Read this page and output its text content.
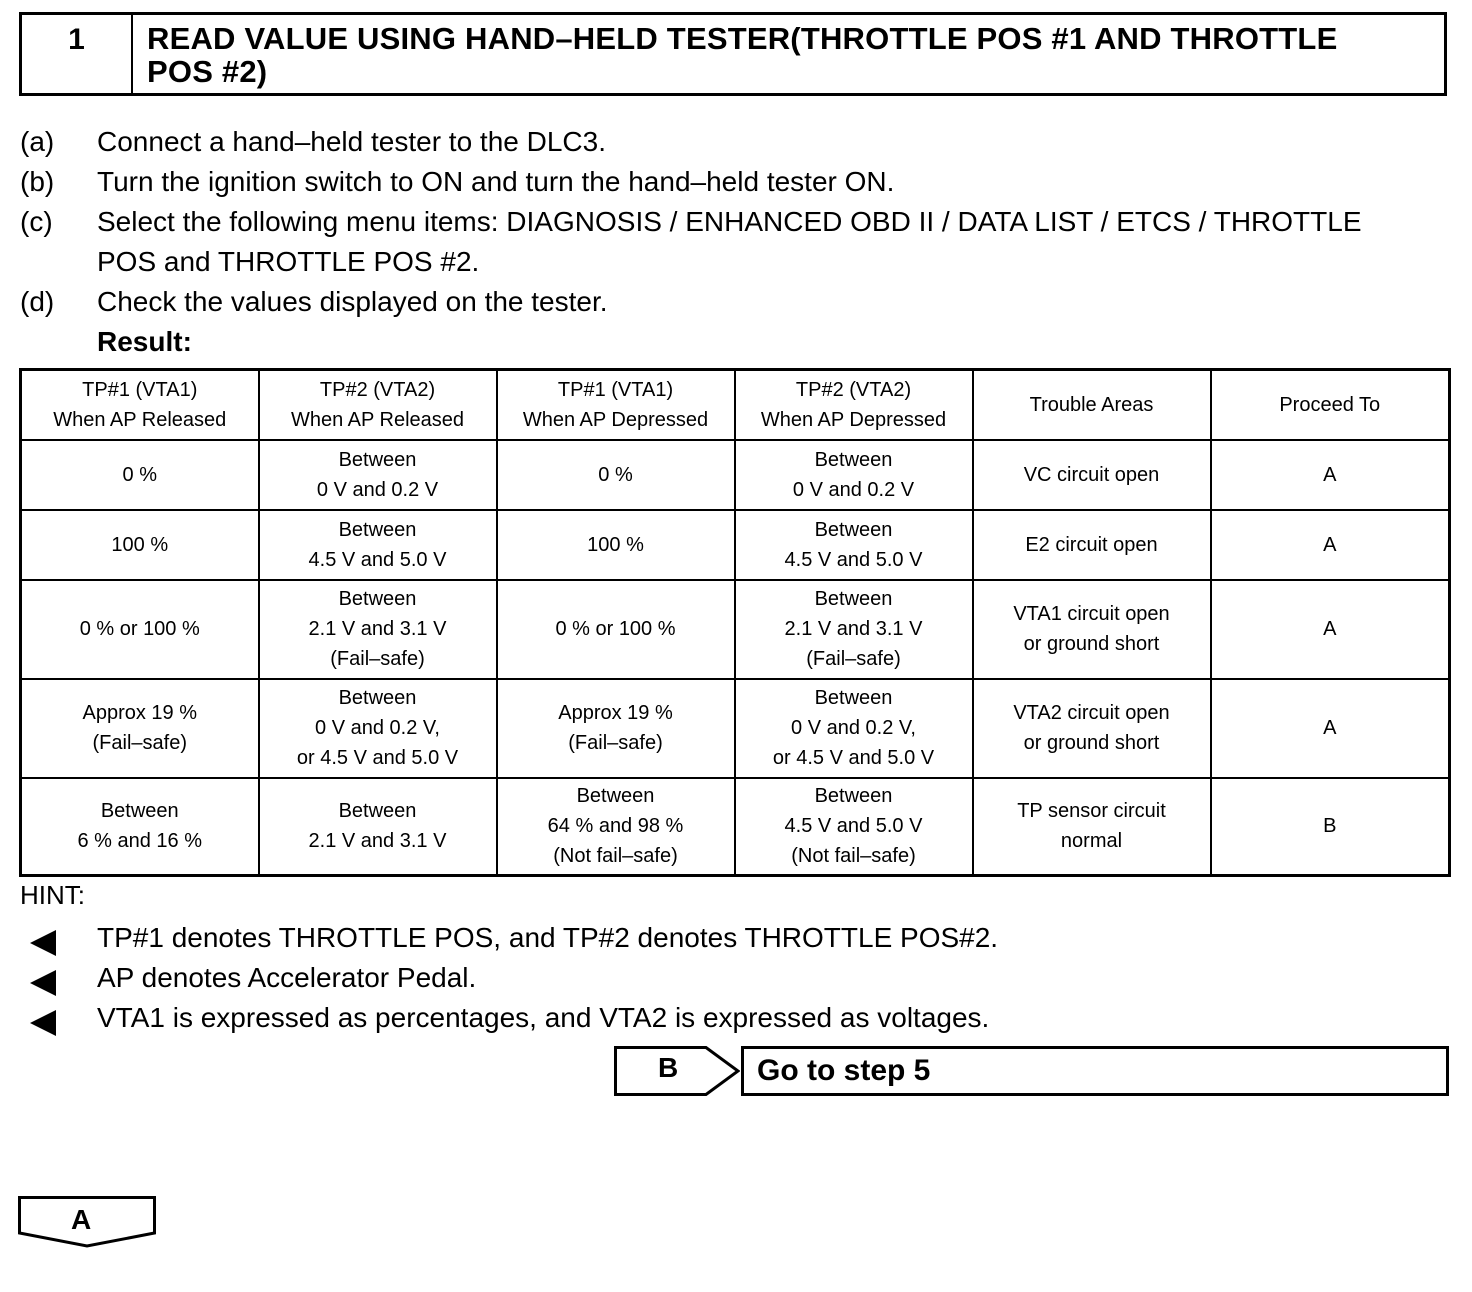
1	READ VALUE USING HAND–HELD TESTER(THROTTLE POS #1 AND THROTTLE
POS #2)
(a)	Connect a hand–held tester to the DLC3.
(b)	Turn the ignition switch to ON and turn the hand–held tester ON.
(c)	Select the following menu items: DIAGNOSIS / ENHANCED OBD II / DATA LIST / ETCS / THROTTLE
POS and THROTTLE POS #2.
(d)	Check the values displayed on the tester.
Result:
TP#1 (VTA1)
When AP Released	TP#2 (VTA2)
When AP Released	TP#1 (VTA1)
When AP Depressed	TP#2 (VTA2)
When AP Depressed	Trouble Areas	Proceed To
0 %	Between
0 V and 0.2 V	0 %	Between
0 V and 0.2 V	VC circuit open	A
100 %	Between
4.5 V and 5.0 V	100 %	Between
4.5 V and 5.0 V	E2 circuit open	A
0 % or 100 %	Between
2.1 V and 3.1 V
(Fail–safe)	0 % or 100 %	Between
2.1 V and 3.1 V
(Fail–safe)	VTA1 circuit open
or ground short	A
Approx 19 %
(Fail–safe)	Between
0 V and 0.2 V,
or 4.5 V and 5.0 V	Approx 19 %
(Fail–safe)	Between
0 V and 0.2 V,
or 4.5 V and 5.0 V	VTA2 circuit open
or ground short	A
Between
6 % and 16 %	Between
2.1 V and 3.1 V	Between
64 % and 98 %
(Not fail–safe)	Between
4.5 V and 5.0 V
(Not fail–safe)	TP sensor circuit
normal	B
HINT:
TP#1 denotes THROTTLE POS, and TP#2 denotes THROTTLE POS#2.
AP denotes Accelerator Pedal.
VTA1 is expressed as percentages, and VTA2 is expressed as voltages.
B	Go to step 5
A
